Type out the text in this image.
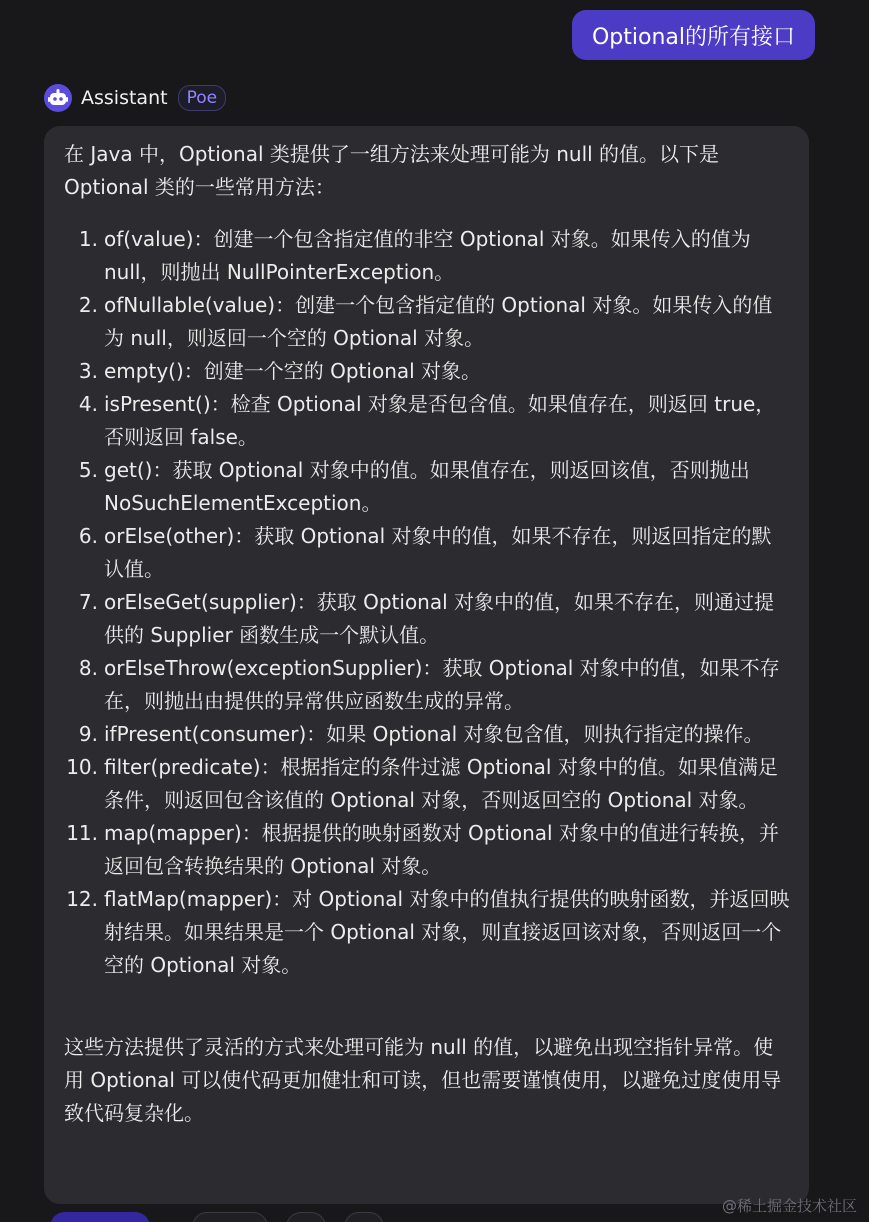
Optional的所有接口
Assistant	Poe

在 Java 中，Optional 类提供了一组方法来处理可能为 null 的值。以下是 Optional 类的一些常用方法：

1. of(value)：创建一个包含指定值的非空 Optional 对象。如果传入的值为 null，则抛出 NullPointerException。
2. ofNullable(value)：创建一个包含指定值的 Optional 对象。如果传入的值为 null，则返回一个空的 Optional 对象。
3. empty()：创建一个空的 Optional 对象。
4. isPresent()：检查 Optional 对象是否包含值。如果值存在，则返回 true，否则返回 false。
5. get()：获取 Optional 对象中的值。如果值存在，则返回该值，否则抛出 NoSuchElementException。
6. orElse(other)：获取 Optional 对象中的值，如果不存在，则返回指定的默认值。
7. orElseGet(supplier)：获取 Optional 对象中的值，如果不存在，则通过提供的 Supplier 函数生成一个默认值。
8. orElseThrow(exceptionSupplier)：获取 Optional 对象中的值，如果不存在，则抛出由提供的异常供应函数生成的异常。
9. ifPresent(consumer)：如果 Optional 对象包含值，则执行指定的操作。
10. filter(predicate)：根据指定的条件过滤 Optional 对象中的值。如果值满足条件，则返回包含该值的 Optional 对象，否则返回空的 Optional 对象。
11. map(mapper)：根据提供的映射函数对 Optional 对象中的值进行转换，并返回包含转换结果的 Optional 对象。
12. flatMap(mapper)：对 Optional 对象中的值执行提供的映射函数，并返回映射结果。如果结果是一个 Optional 对象，则直接返回该对象，否则返回一个空的 Optional 对象。

这些方法提供了灵活的方式来处理可能为 null 的值，以避免出现空指针异常。使用 Optional 可以使代码更加健壮和可读，但也需要谨慎使用，以避免过度使用导致代码复杂化。

@稀土掘金技术社区
